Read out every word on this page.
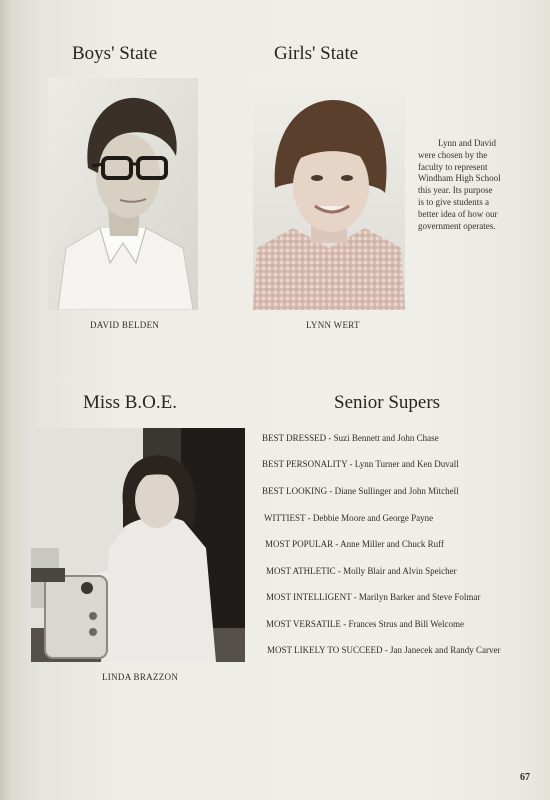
Boys' State
DAVID BELDEN
Girls' State
LYNN WERT

Lynn and David
were chosen by the
faculty to represent
Windham High School
this year. Its purpose
is to give students a
better idea of how our
government operates.

Miss B.O.E.
LINDA BRAZZON
Senior Supers
BEST DRESSED - Suzi Bennett and John Chase
BEST PERSONALITY - Lynn Turner and Ken Duvall
BEST LOOKING - Diane Sullinger and John Mitchell
WITTIEST - Debbie Moore and George Payne
MOST POPULAR - Anne Miller and Chuck Ruff
MOST ATHLETIC - Molly Blair and Alvin Speicher
MOST INTELLIGENT - Marilyn Barker and Steve Folmar
MOST VERSATILE - Frances Strus and Bill Welcome
MOST LIKELY TO SUCCEED - Jan Janecek and Randy Carver
67
